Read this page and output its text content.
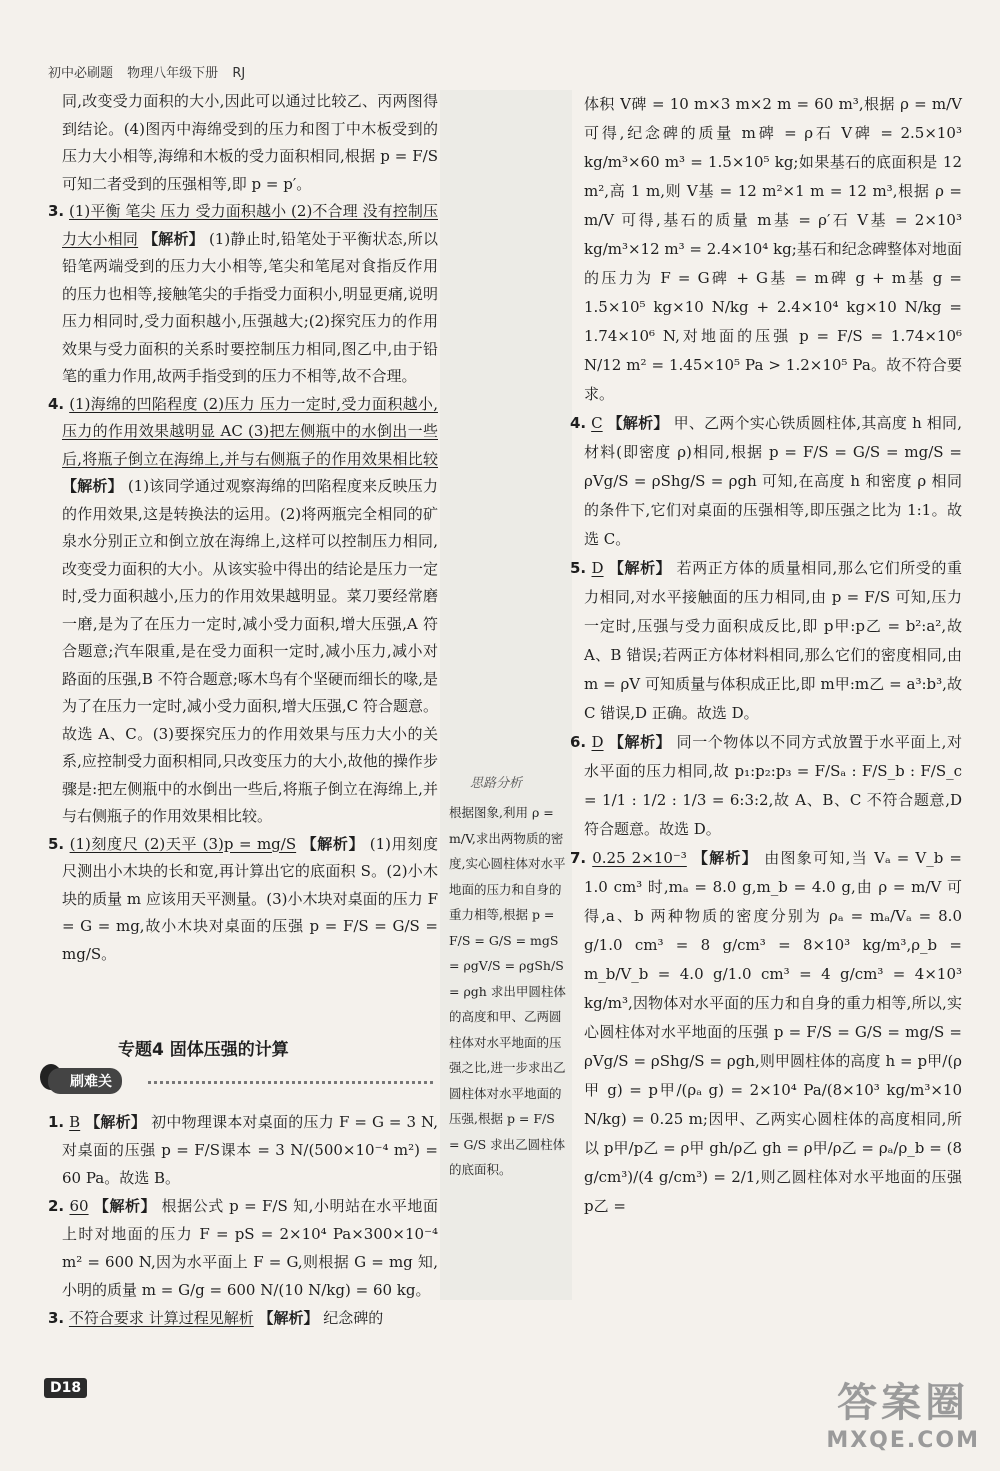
初中必刷题 物理八年级下册 RJ
思路分析
根据图象,利用 ρ = m/V,求出两物质的密度,实心圆柱体对水平地面的压力和自身的重力相等,根据 p = F/S = G/S = mgS = ρgV/S = ρgSh/S = ρgh 求出甲圆柱体的高度和甲、乙两圆柱体对水平地面的压强之比,进一步求出乙圆柱体对水平地面的压强,根据 p = F/S = G/S 求出乙圆柱体的底面积。

同,改变受力面积的大小,因此可以通过比较乙、丙两图得到结论。(4)图丙中海绵受到的压力和图丁中木板受到的压力大小相等,海绵和木板的受力面积相同,根据 p = F/S 可知二者受到的压强相等,即 p = p′。

3. (1)平衡 笔尖 压力 受力面积越小 (2)不合理 没有控制压力大小相同 【解析】 (1)静止时,铅笔处于平衡状态,所以铅笔两端受到的压力大小相等,笔尖和笔尾对食指反作用的压力也相等,接触笔尖的手指受力面积小,明显更痛,说明压力相同时,受力面积越小,压强越大;(2)探究压力的作用效果与受力面积的关系时要控制压力相同,图乙中,由于铅笔的重力作用,故两手指受到的压力不相等,故不合理。

4. (1)海绵的凹陷程度 (2)压力 压力一定时,受力面积越小,压力的作用效果越明显 AC (3)把左侧瓶中的水倒出一些后,将瓶子倒立在海绵上,并与右侧瓶子的作用效果相比较 【解析】 (1)该同学通过观察海绵的凹陷程度来反映压力的作用效果,这是转换法的运用。(2)将两瓶完全相同的矿泉水分别正立和倒立放在海绵上,这样可以控制压力相同,改变受力面积的大小。从该实验中得出的结论是压力一定时,受力面积越小,压力的作用效果越明显。菜刀要经常磨一磨,是为了在压力一定时,减小受力面积,增大压强,A 符合题意;汽车限重,是在受力面积一定时,减小压力,减小对路面的压强,B 不符合题意;啄木鸟有个坚硬而细长的喙,是为了在压力一定时,减小受力面积,增大压强,C 符合题意。故选 A、C。(3)要探究压力的作用效果与压力大小的关系,应控制受力面积相同,只改变压力的大小,故他的操作步骤是:把左侧瓶中的水倒出一些后,将瓶子倒立在海绵上,并与右侧瓶子的作用效果相比较。

5. (1)刻度尺 (2)天平 (3)p = mg/S 【解析】 (1)用刻度尺测出小木块的长和宽,再计算出它的底面积 S。(2)小木块的质量 m 应该用天平测量。(3)小木块对桌面的压力 F = G = mg,故小木块对桌面的压强 p = F/S = G/S = mg/S。

专题4 固体压强的计算
刷难关

1. B 【解析】 初中物理课本对桌面的压力 F = G = 3 N,对桌面的压强 p = F/S课本 = 3 N/(500×10⁻⁴ m²) = 60 Pa。故选 B。

2. 60 【解析】 根据公式 p = F/S 知,小明站在水平地面上时对地面的压力 F = pS = 2×10⁴ Pa×300×10⁻⁴ m² = 600 N,因为水平面上 F = G,则根据 G = mg 知,小明的质量 m = G/g = 600 N/(10 N/kg) = 60 kg。

3. 不符合要求 计算过程见解析 【解析】 纪念碑的

D18

体积 V碑 = 10 m×3 m×2 m = 60 m³,根据 ρ = m/V 可得,纪念碑的质量 m碑 = ρ石 V碑 = 2.5×10³ kg/m³×60 m³ = 1.5×10⁵ kg;如果基石的底面积是 12 m²,高 1 m,则 V基 = 12 m²×1 m = 12 m³,根据 ρ = m/V 可得,基石的质量 m基 = ρ′石 V基 = 2×10³ kg/m³×12 m³ = 2.4×10⁴ kg;基石和纪念碑整体对地面的压力为 F = G碑 + G基 = m碑 g + m基 g = 1.5×10⁵ kg×10 N/kg + 2.4×10⁴ kg×10 N/kg = 1.74×10⁶ N,对地面的压强 p = F/S = 1.74×10⁶ N/12 m² = 1.45×10⁵ Pa > 1.2×10⁵ Pa。故不符合要求。

4. C 【解析】 甲、乙两个实心铁质圆柱体,其高度 h 相同,材料(即密度 ρ)相同,根据 p = F/S = G/S = mg/S = ρVg/S = ρShg/S = ρgh 可知,在高度 h 和密度 ρ 相同的条件下,它们对桌面的压强相等,即压强之比为 1:1。故选 C。

5. D 【解析】 若两正方体的质量相同,那么它们所受的重力相同,对水平接触面的压力相同,由 p = F/S 可知,压力一定时,压强与受力面积成反比,即 p甲:p乙 = b²:a²,故 A、B 错误;若两正方体材料相同,那么它们的密度相同,由 m = ρV 可知质量与体积成正比,即 m甲:m乙 = a³:b³,故 C 错误,D 正确。故选 D。

6. D 【解析】 同一个物体以不同方式放置于水平面上,对水平面的压力相同,故 p₁:p₂:p₃ = F/Sₐ : F/S_b : F/S_c = 1/1 : 1/2 : 1/3 = 6:3:2,故 A、B、C 不符合题意,D 符合题意。故选 D。

7. 0.25 2×10⁻³ 【解析】 由图象可知,当 Vₐ = V_b = 1.0 cm³ 时,mₐ = 8.0 g,m_b = 4.0 g,由 ρ = m/V 可得,a、b 两种物质的密度分别为 ρₐ = mₐ/Vₐ = 8.0 g/1.0 cm³ = 8 g/cm³ = 8×10³ kg/m³,ρ_b = m_b/V_b = 4.0 g/1.0 cm³ = 4 g/cm³ = 4×10³ kg/m³,因物体对水平面的压力和自身的重力相等,所以,实心圆柱体对水平地面的压强 p = F/S = G/S = mg/S = ρVg/S = ρShg/S = ρgh,则甲圆柱体的高度 h = p甲/(ρ甲 g) = p甲/(ρₐ g) = 2×10⁴ Pa/(8×10³ kg/m³×10 N/kg) = 0.25 m;因甲、乙两实心圆柱体的高度相同,所以 p甲/p乙 = ρ甲 gh/ρ乙 gh = ρ甲/ρ乙 = ρₐ/ρ_b = (8 g/cm³)/(4 g/cm³) = 2/1,则乙圆柱体对水平地面的压强 p乙 =

答案圈
MXQE.COM
